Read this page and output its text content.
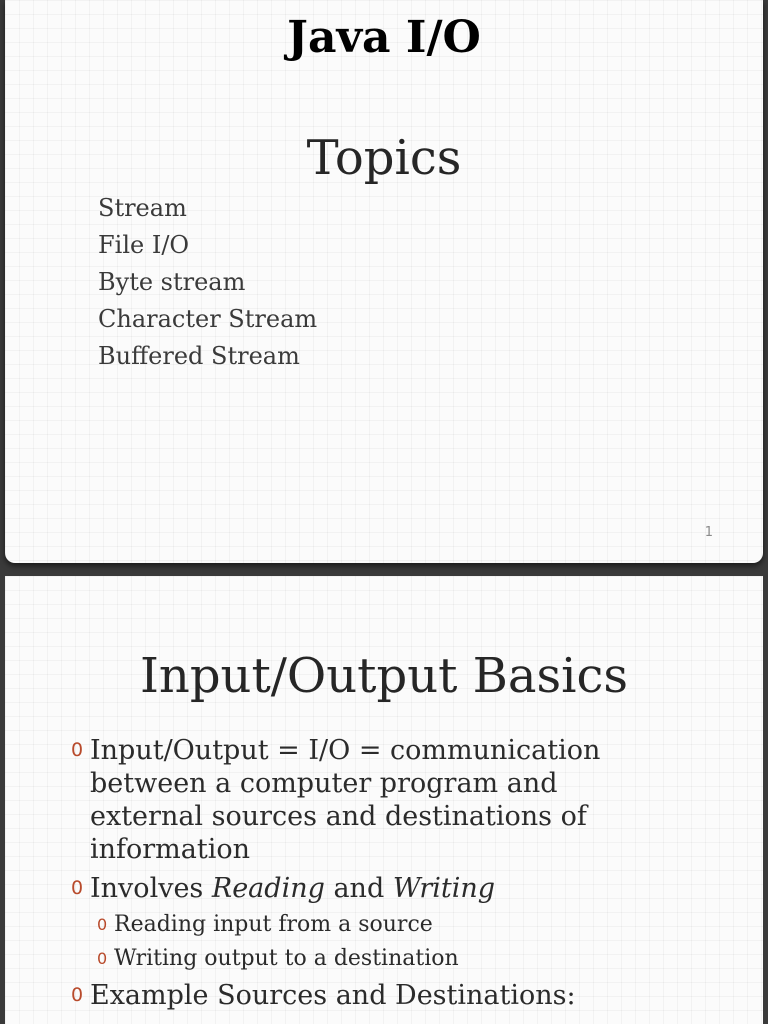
Java I/O
Topics
Stream
File I/O
Byte stream
Character Stream
Buffered Stream
1
Input/Output Basics
0 Input/Output = I/O = communication between a computer program and external sources and destinations of information
0 Involves Reading and Writing
0 Reading input from a source
0 Writing output to a destination
0 Example Sources and Destinations:
